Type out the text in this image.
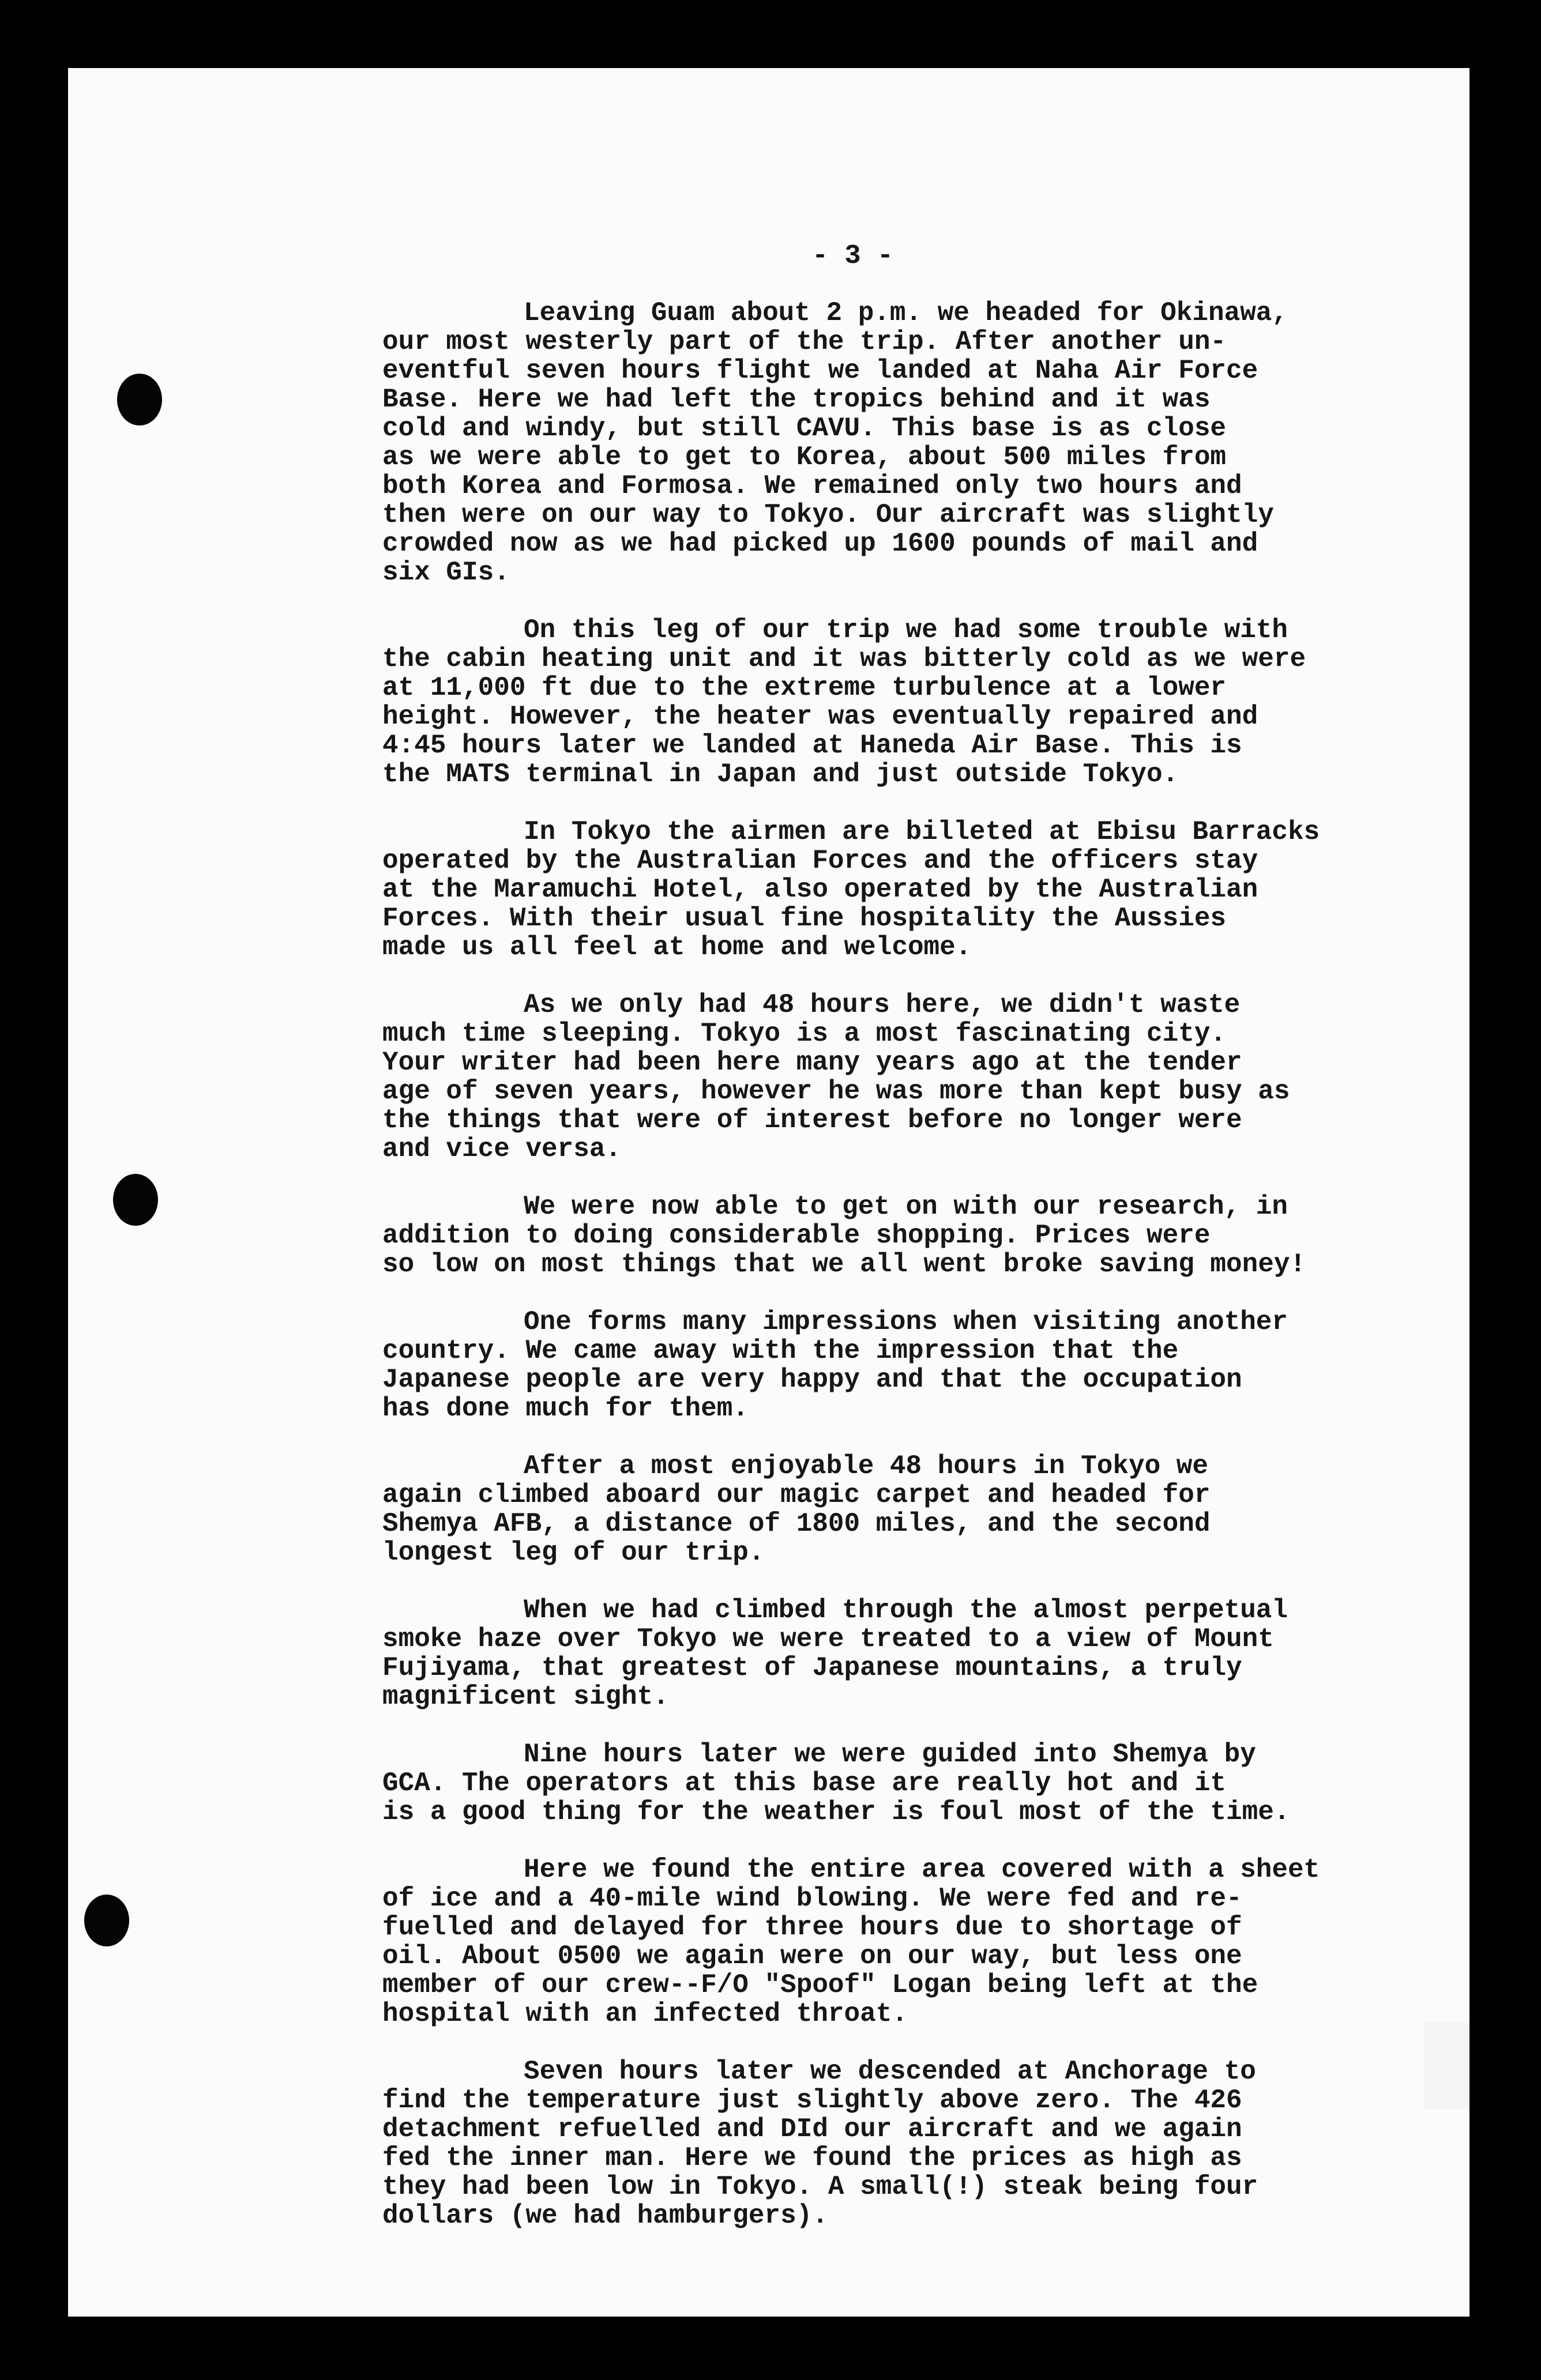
- 3 -
Leaving Guam about 2 p.m. we headed for Okinawa,
our most westerly part of the trip. After another un-
eventful seven hours flight we landed at Naha Air Force
Base. Here we had left the tropics behind and it was
cold and windy, but still CAVU. This base is as close
as we were able to get to Korea, about 500 miles from
both Korea and Formosa. We remained only two hours and
then were on our way to Tokyo. Our aircraft was slightly
crowded now as we had picked up 1600 pounds of mail and
six GIs.
On this leg of our trip we had some trouble with
the cabin heating unit and it was bitterly cold as we were
at 11,000 ft due to the extreme turbulence at a lower
height. However, the heater was eventually repaired and
4:45 hours later we landed at Haneda Air Base. This is
the MATS terminal in Japan and just outside Tokyo.
In Tokyo the airmen are billeted at Ebisu Barracks
operated by the Australian Forces and the officers stay
at the Maramuchi Hotel, also operated by the Australian
Forces. With their usual fine hospitality the Aussies
made us all feel at home and welcome.
As we only had 48 hours here, we didn't waste
much time sleeping. Tokyo is a most fascinating city.
Your writer had been here many years ago at the tender
age of seven years, however he was more than kept busy as
the things that were of interest before no longer were
and vice versa.
We were now able to get on with our research, in
addition to doing considerable shopping. Prices were
so low on most things that we all went broke saving money!
One forms many impressions when visiting another
country. We came away with the impression that the
Japanese people are very happy and that the occupation
has done much for them.
After a most enjoyable 48 hours in Tokyo we
again climbed aboard our magic carpet and headed for
Shemya AFB, a distance of 1800 miles, and the second
longest leg of our trip.
When we had climbed through the almost perpetual
smoke haze over Tokyo we were treated to a view of Mount
Fujiyama, that greatest of Japanese mountains, a truly
magnificent sight.
Nine hours later we were guided into Shemya by
GCA. The operators at this base are really hot and it
is a good thing for the weather is foul most of the time.
Here we found the entire area covered with a sheet
of ice and a 40-mile wind blowing. We were fed and re-
fuelled and delayed for three hours due to shortage of
oil. About 0500 we again were on our way, but less one
member of our crew--F/O "Spoof" Logan being left at the
hospital with an infected throat.
Seven hours later we descended at Anchorage to
find the temperature just slightly above zero. The 426
detachment refuelled and DId our aircraft and we again
fed the inner man. Here we found the prices as high as
they had been low in Tokyo. A small(!) steak being four
dollars (we had hamburgers).
